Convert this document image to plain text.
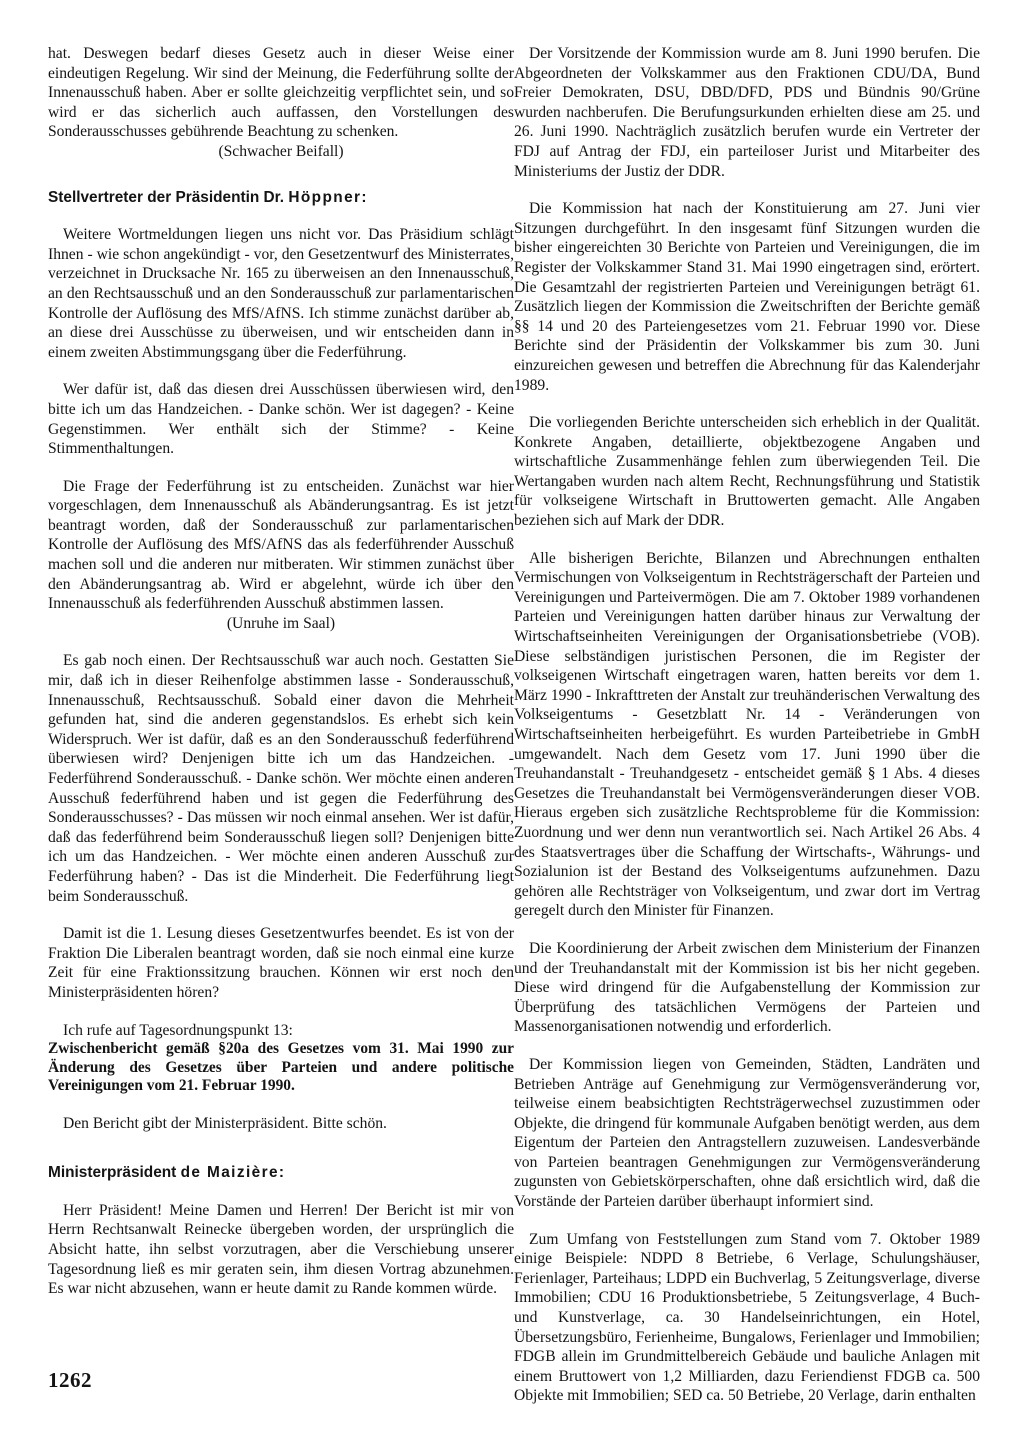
hat. Deswegen bedarf dieses Gesetz auch in dieser Weise einer eindeutigen Regelung. Wir sind der Meinung, die Federführung sollte der Innenausschuß haben. Aber er sollte gleichzeitig verpflichtet sein, und so wird er das sicherlich auch auffassen, den Vorstellungen des Sonderausschusses gebührende Beachtung zu schenken.

(Schwacher Beifall)

Stellvertreter der Präsidentin Dr. Höppner:

Weitere Wortmeldungen liegen uns nicht vor. Das Präsidium schlägt Ihnen - wie schon angekündigt - vor, den Gesetzentwurf des Ministerrates, verzeichnet in Drucksache Nr. 165 zu überweisen an den Innenausschuß, an den Rechtsausschuß und an den Sonderausschuß zur parlamentarischen Kontrolle der Auflösung des MfS/AfNS. Ich stimme zunächst darüber ab, an diese drei Ausschüsse zu überweisen, und wir entscheiden dann in einem zweiten Abstimmungsgang über die Federführung.

Wer dafür ist, daß das diesen drei Ausschüssen überwiesen wird, den bitte ich um das Handzeichen. - Danke schön. Wer ist dagegen? - Keine Gegenstimmen. Wer enthält sich der Stimme? - Keine Stimmenthaltungen.

Die Frage der Federführung ist zu entscheiden. Zunächst war hier vorgeschlagen, dem Innenausschuß als Abänderungsantrag. Es ist jetzt beantragt worden, daß der Sonderausschuß zur parlamentarischen Kontrolle der Auflösung des MfS/AfNS das als federführender Ausschuß machen soll und die anderen nur mitberaten. Wir stimmen zunächst über den Abänderungsantrag ab. Wird er abgelehnt, würde ich über den Innenausschuß als federführenden Ausschuß abstimmen lassen.

(Unruhe im Saal)

Es gab noch einen. Der Rechtsausschuß war auch noch. Gestatten Sie mir, daß ich in dieser Reihenfolge abstimmen lasse - Sonderausschuß, Innenausschuß, Rechtsausschuß. Sobald einer davon die Mehrheit gefunden hat, sind die anderen gegenstandslos. Es erhebt sich kein Widerspruch. Wer ist dafür, daß es an den Sonderausschuß federführend überwiesen wird? Denjenigen bitte ich um das Handzeichen. - Federführend Sonderausschuß. - Danke schön. Wer möchte einen anderen Ausschuß federführend haben und ist gegen die Federführung des Sonderausschusses? - Das müssen wir noch einmal ansehen. Wer ist dafür, daß das federführend beim Sonderausschuß liegen soll? Denjenigen bitte ich um das Handzeichen. - Wer möchte einen anderen Ausschuß zur Federführung haben? - Das ist die Minderheit. Die Federführung liegt beim Sonderausschuß.

Damit ist die 1. Lesung dieses Gesetzentwurfes beendet. Es ist von der Fraktion Die Liberalen beantragt worden, daß sie noch einmal eine kurze Zeit für eine Fraktionssitzung brauchen. Können wir erst noch den Ministerpräsidenten hören?

Ich rufe auf Tagesordnungspunkt 13:

Zwischenbericht gemäß §20a des Gesetzes vom 31. Mai 1990 zur Änderung des Gesetzes über Parteien und andere politische Vereinigungen vom 21. Februar 1990.

Den Bericht gibt der Ministerpräsident. Bitte schön.

Ministerpräsident de Maizière:

Herr Präsident! Meine Damen und Herren! Der Bericht ist mir von Herrn Rechtsanwalt Reinecke übergeben worden, der ursprünglich die Absicht hatte, ihn selbst vorzutragen, aber die Verschiebung unserer Tagesordnung ließ es mir geraten sein, ihm diesen Vortrag abzunehmen. Es war nicht abzusehen, wann er heute damit zu Rande kommen würde.

Der Vorsitzende der Kommission wurde am 8. Juni 1990 berufen. Die Abgeordneten der Volkskammer aus den Fraktionen CDU/DA, Bund Freier Demokraten, DSU, DBD/DFD, PDS und Bündnis 90/Grüne wurden nachberufen. Die Berufungsurkunden erhielten diese am 25. und 26. Juni 1990. Nachträglich zusätzlich berufen wurde ein Vertreter der FDJ auf Antrag der FDJ, ein parteiloser Jurist und Mitarbeiter des Ministeriums der Justiz der DDR.

Die Kommission hat nach der Konstituierung am 27. Juni vier Sitzungen durchgeführt. In den insgesamt fünf Sitzungen wurden die bisher eingereichten 30 Berichte von Parteien und Vereinigungen, die im Register der Volkskammer Stand 31. Mai 1990 eingetragen sind, erörtert. Die Gesamtzahl der registrierten Parteien und Vereinigungen beträgt 61. Zusätzlich liegen der Kommission die Zweitschriften der Berichte gemäß §§ 14 und 20 des Parteiengesetzes vom 21. Februar 1990 vor. Diese Berichte sind der Präsidentin der Volkskammer bis zum 30. Juni einzureichen gewesen und betreffen die Abrechnung für das Kalenderjahr 1989.

Die vorliegenden Berichte unterscheiden sich erheblich in der Qualität. Konkrete Angaben, detaillierte, objektbezogene Angaben und wirtschaftliche Zusammenhänge fehlen zum überwiegenden Teil. Die Wertangaben wurden nach altem Recht, Rechnungsführung und Statistik für volkseigene Wirtschaft in Bruttowerten gemacht. Alle Angaben beziehen sich auf Mark der DDR.

Alle bisherigen Berichte, Bilanzen und Abrechnungen enthalten Vermischungen von Volkseigentum in Rechtsträgerschaft der Parteien und Vereinigungen und Parteivermögen. Die am 7. Oktober 1989 vorhandenen Parteien und Vereinigungen hatten darüber hinaus zur Verwaltung der Wirtschaftseinheiten Vereinigungen der Organisationsbetriebe (VOB). Diese selbständigen juristischen Personen, die im Register der volkseigenen Wirtschaft eingetragen waren, hatten bereits vor dem 1. März 1990 - Inkrafttreten der Anstalt zur treuhänderischen Verwaltung des Volkseigentums - Gesetzblatt Nr. 14 - Veränderungen von Wirtschaftseinheiten herbeigeführt. Es wurden Parteibetriebe in GmbH umgewandelt. Nach dem Gesetz vom 17. Juni 1990 über die Treuhandanstalt - Treuhandgesetz - entscheidet gemäß § 1 Abs. 4 dieses Gesetzes die Treuhandanstalt bei Vermögensveränderungen dieser VOB. Hieraus ergeben sich zusätzliche Rechtsprobleme für die Kommission: Zuordnung und wer denn nun verantwortlich sei. Nach Artikel 26 Abs. 4 des Staatsvertrages über die Schaffung der Wirtschafts-, Währungs- und Sozialunion ist der Bestand des Volkseigentums aufzunehmen. Dazu gehören alle Rechtsträger von Volkseigentum, und zwar dort im Vertrag geregelt durch den Minister für Finanzen.

Die Koordinierung der Arbeit zwischen dem Ministerium der Finanzen und der Treuhandanstalt mit der Kommission ist bis her nicht gegeben. Diese wird dringend für die Aufgabenstellung der Kommission zur Überprüfung des tatsächlichen Vermögens der Parteien und Massenorganisationen notwendig und erforderlich.

Der Kommission liegen von Gemeinden, Städten, Landräten und Betrieben Anträge auf Genehmigung zur Vermögensveränderung vor, teilweise einem beabsichtigten Rechtsträgerwechsel zuzustimmen oder Objekte, die dringend für kommunale Aufgaben benötigt werden, aus dem Eigentum der Parteien den Antragstellern zuzuweisen. Landesverbände von Parteien beantragen Genehmigungen zur Vermögensveränderung zugunsten von Gebietskörperschaften, ohne daß ersichtlich wird, daß die Vorstände der Parteien darüber überhaupt informiert sind.

Zum Umfang von Feststellungen zum Stand vom 7. Oktober 1989 einige Beispiele: NDPD 8 Betriebe, 6 Verlage, Schulungshäuser, Ferienlager, Parteihaus; LDPD ein Buchverlag, 5 Zeitungsverlage, diverse Immobilien; CDU 16 Produktionsbetriebe, 5 Zeitungsverlage, 4 Buch- und Kunstverlage, ca. 30 Handelseinrichtungen, ein Hotel, Übersetzungsbüro, Ferienheime, Bungalows, Ferienlager und Immobilien; FDGB allein im Grundmittelbereich Gebäude und bauliche Anlagen mit einem Bruttowert von 1,2 Milliarden, dazu Feriendienst FDGB ca. 500 Objekte mit Immobilien; SED ca. 50 Betriebe, 20 Verlage, darin enthalten

1262
